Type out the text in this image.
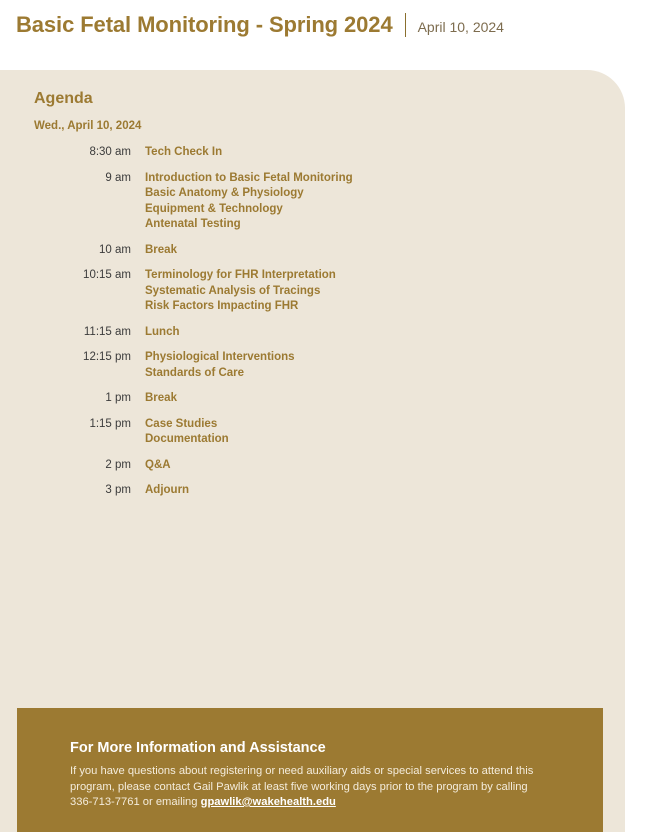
Basic Fetal Monitoring - Spring 2024 April 10, 2024
Agenda
Wed., April 10, 2024
8:30 am Tech Check In
9 am Introduction to Basic Fetal Monitoring
Basic Anatomy & Physiology
Equipment & Technology
Antenatal Testing
10 am Break
10:15 am Terminology for FHR Interpretation
Systematic Analysis of Tracings
Risk Factors Impacting FHR
11:15 am Lunch
12:15 pm Physiological Interventions
Standards of Care
1 pm Break
1:15 pm Case Studies
Documentation
2 pm Q&A
3 pm Adjourn
For More Information and Assistance
If you have questions about registering or need auxiliary aids or special services to attend this program, please contact Gail Pawlik at least five working days prior to the program by calling 336-713-7761 or emailing gpawlik@wakehealth.edu
